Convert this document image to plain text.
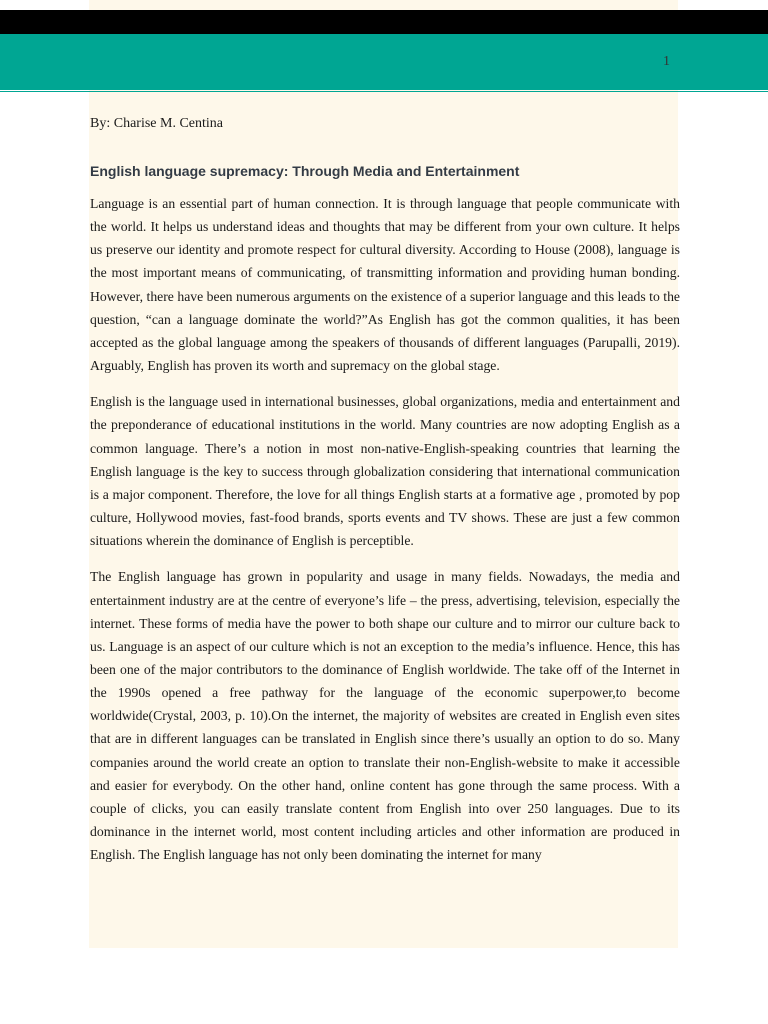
1
By: Charise M. Centina
English language supremacy: Through Media and Entertainment

Language is an essential part of human connection. It is through language that people communicate with the world. It helps us understand ideas and thoughts that may be different from your own culture. It helps us preserve our identity and promote respect for cultural diversity. According to House (2008), language is the most important means of communicating, of transmitting information and providing human bonding. However, there have been numerous arguments on the existence of a superior language and this leads to the question, “can a language dominate the world?”As English has got the common qualities, it has been accepted as the global language among the speakers of thousands of different languages (Parupalli, 2019). Arguably, English has proven its worth and supremacy on the global stage.

English is the language used in international businesses, global organizations, media and entertainment and the preponderance of educational institutions in the world. Many countries are now adopting English as a common language. There’s a notion in most non-native-English-speaking countries that learning the English language is the key to success through globalization considering that international communication is a major component. Therefore, the love for all things English starts at a formative age , promoted by pop culture, Hollywood movies, fast-food brands, sports events and TV shows. These are just a few common situations wherein the dominance of English is perceptible.

The English language has grown in popularity and usage in many fields. Nowadays, the media and entertainment industry are at the centre of everyone’s life – the press, advertising, television, especially the internet. These forms of media have the power to both shape our culture and to mirror our culture back to us. Language is an aspect of our culture which is not an exception to the media’s influence. Hence, this has been one of the major contributors to the dominance of English worldwide. The take off of the Internet in the 1990s opened a free pathway for the language of the economic superpower,to become worldwide(Crystal, 2003, p. 10).On the internet, the majority of websites are created in English even sites that are in different languages can be translated in English since there’s usually an option to do so. Many companies around the world create an option to translate their non-English-website to make it accessible and easier for everybody. On the other hand, online content has gone through the same process. With a couple of clicks, you can easily translate content from English into over 250 languages. Due to its dominance in the internet world, most content including articles and other information are produced in English. The English language has not only been dominating the internet for many
